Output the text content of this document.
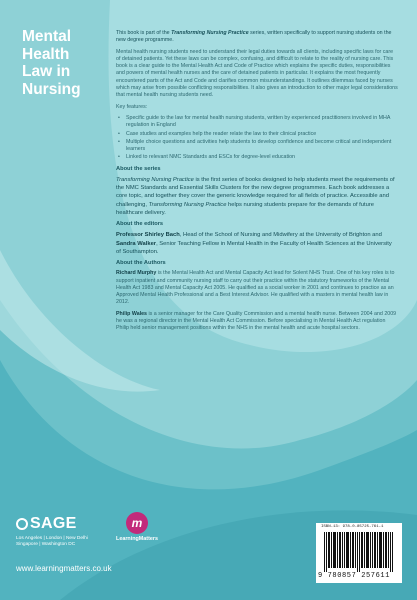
Mental
Health
Law in
Nursing

This book is part of the Transforming Nursing Practice series, written specifically to support nursing students on the new degree programme.

Mental health nursing students need to understand their legal duties towards all clients, including specific laws for care of detained patients. Yet these laws can be complex, confusing, and difficult to relate to the reality of nursing care. This book is a clear guide to the Mental Health Act and Code of Practice which explains the specific duties, responsibilities and powers of mental health nurses and the care of detained patients in particular. It explains the most frequently encountered parts of the Act and Code and clarifies common misunderstandings. It outlines dilemmas faced by nurses which may arise from possible conflicting responsibilities. It also gives an introduction to other major legal considerations that mental health nursing students need.

Key features:

• Specific guide to the law for mental health nursing students, written by experienced practitioners involved in MHA regulation in England
• Case studies and examples help the reader relate the law to their clinical practice
• Multiple choice questions and activities help students to develop confidence and become critical and independent learners
• Linked to relevant NMC Standards and ESCs for degree-level education
About the series

Transforming Nursing Practice is the first series of books designed to help students meet the requirements of the NMC Standards and Essential Skills Clusters for the new degree programmes. Each book addresses a core topic, and together they cover the generic knowledge required for all fields of practice. Accessible and challenging, Transforming Nursing Practice helps nursing students prepare for the demands of future healthcare delivery.

About the editors

Professor Shirley Bach, Head of the School of Nursing and Midwifery at the University of Brighton and Sandra Walker, Senior Teaching Fellow in Mental Health in the Faculty of Health Sciences at the University of Southampton.

About the Authors

Richard Murphy is the Mental Health Act and Mental Capacity Act lead for Solent NHS Trust. One of his key roles is to support inpatient and community nursing staff to carry out their practice within the statutory frameworks of the Mental Health Act 1983 and Mental Capacity Act 2005. He qualified as a social worker in 2001 and continues to practice as an Approved Mental Health Professional and a Best Interest Advisor. He qualified with a masters in mental health law in 2012.

Philip Wales is a senior manager for the Care Quality Commission and a mental health nurse. Between 2004 and 2009 he was a regional director in the Mental Health Act Commission. Before specialising in Mental Health Act regulation Philip held senior management positions within the NHS in the mental health and acute hospital sectors.

SAGE
Los Angeles | London | New Delhi Singapore | Washington DC
m
LearningMatters
www.learningmatters.co.uk
ISBN-13: 978-0-85725-761-1
9 780857 257611
